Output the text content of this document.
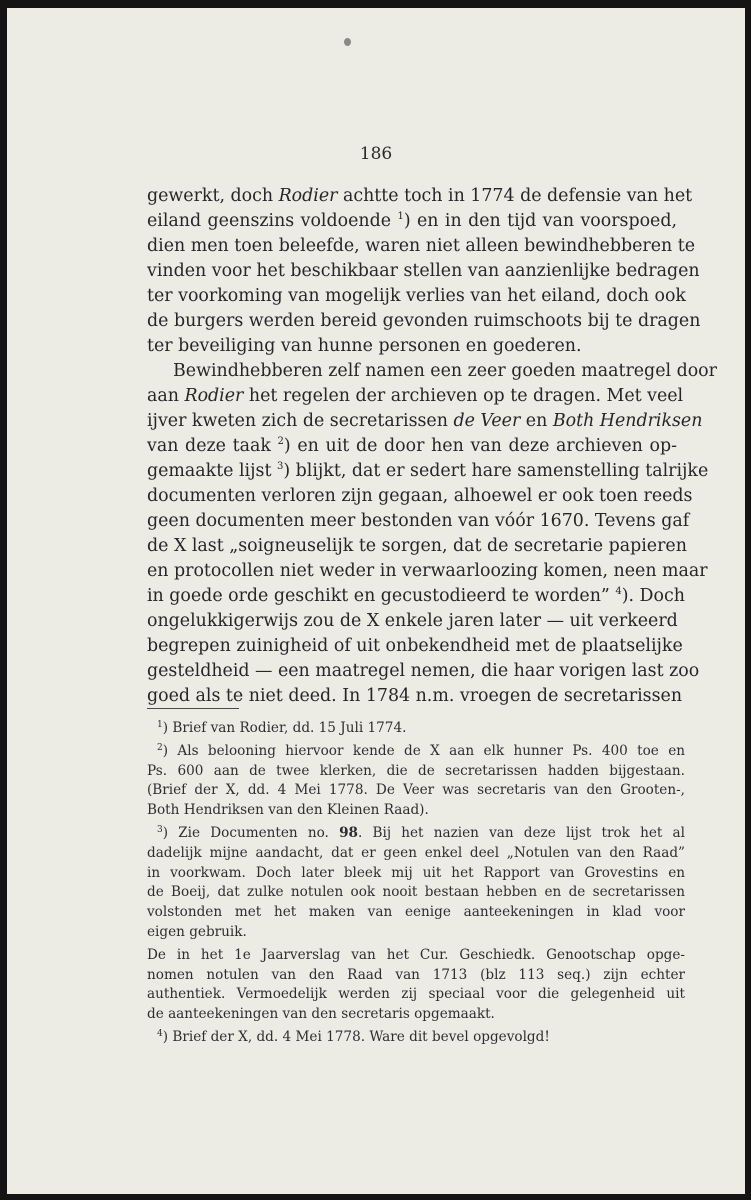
186
gewerkt, doch Rodier achtte toch in 1774 de defensie van het
eiland geenszins voldoende $^1$) en in den tijd van voorspoed,
dien men toen beleefde, waren niet alleen bewindhebberen te
vinden voor het beschikbaar stellen van aanzienlijke bedragen
ter voorkoming van mogelijk verlies van het eiland, doch ook
de burgers werden bereid gevonden ruimschoots bij te dragen
ter beveiliging van hunne personen en goederen.
Bewindhebberen zelf namen een zeer goeden maatregel door
aan Rodier het regelen der archieven op te dragen. Met veel
ijver kweten zich de secretarissen de Veer en Both Hendriksen
van deze taak $^2$) en uit de door hen van deze archieven op-
gemaakte lijst $^3$) blijkt, dat er sedert hare samenstelling talrijke
documenten verloren zijn gegaan, alhoewel er ook toen reeds
geen documenten meer bestonden van vóór 1670. Tevens gaf
de X last „soigneuselijk te sorgen, dat de secretarie papieren
en protocollen niet weder in verwaarloozing komen, neen maar
in goede orde geschikt en gecustodieerd te worden” $^4$). Doch
ongelukkigerwijs zou de X enkele jaren later — uit verkeerd
begrepen zuinigheid of uit onbekendheid met de plaatselijke
gesteldheid — een maatregel nemen, die haar vorigen last zoo
goed als te niet deed. In 1784 n.m. vroegen de secretarissen
$^1$) Brief van Rodier, dd. 15 Juli 1774.
$^2$) Als belooning hiervoor kende de X aan elk hunner Ps. 400 toe en
Ps. 600 aan de twee klerken, die de secretarissen hadden bijgestaan.
(Brief der X, dd. 4 Mei 1778. De Veer was secretaris van den Grooten-,
Both Hendriksen van den Kleinen Raad).
$^3$) Zie Documenten no. 98. Bij het nazien van deze lijst trok het al
dadelijk mijne aandacht, dat er geen enkel deel „Notulen van den Raad”
in voorkwam. Doch later bleek mij uit het Rapport van Grovestins en
de Boeij, dat zulke notulen ook nooit bestaan hebben en de secretarissen
volstonden met het maken van eenige aanteekeningen in klad voor
eigen gebruik.
De in het 1e Jaarverslag van het Cur. Geschiedk. Genootschap opge-
nomen notulen van den Raad van 1713 (blz 113 seq.) zijn echter
authentiek. Vermoedelijk werden zij speciaal voor die gelegenheid uit
de aanteekeningen van den secretaris opgemaakt.
$^4$) Brief der X, dd. 4 Mei 1778. Ware dit bevel opgevolgd!
